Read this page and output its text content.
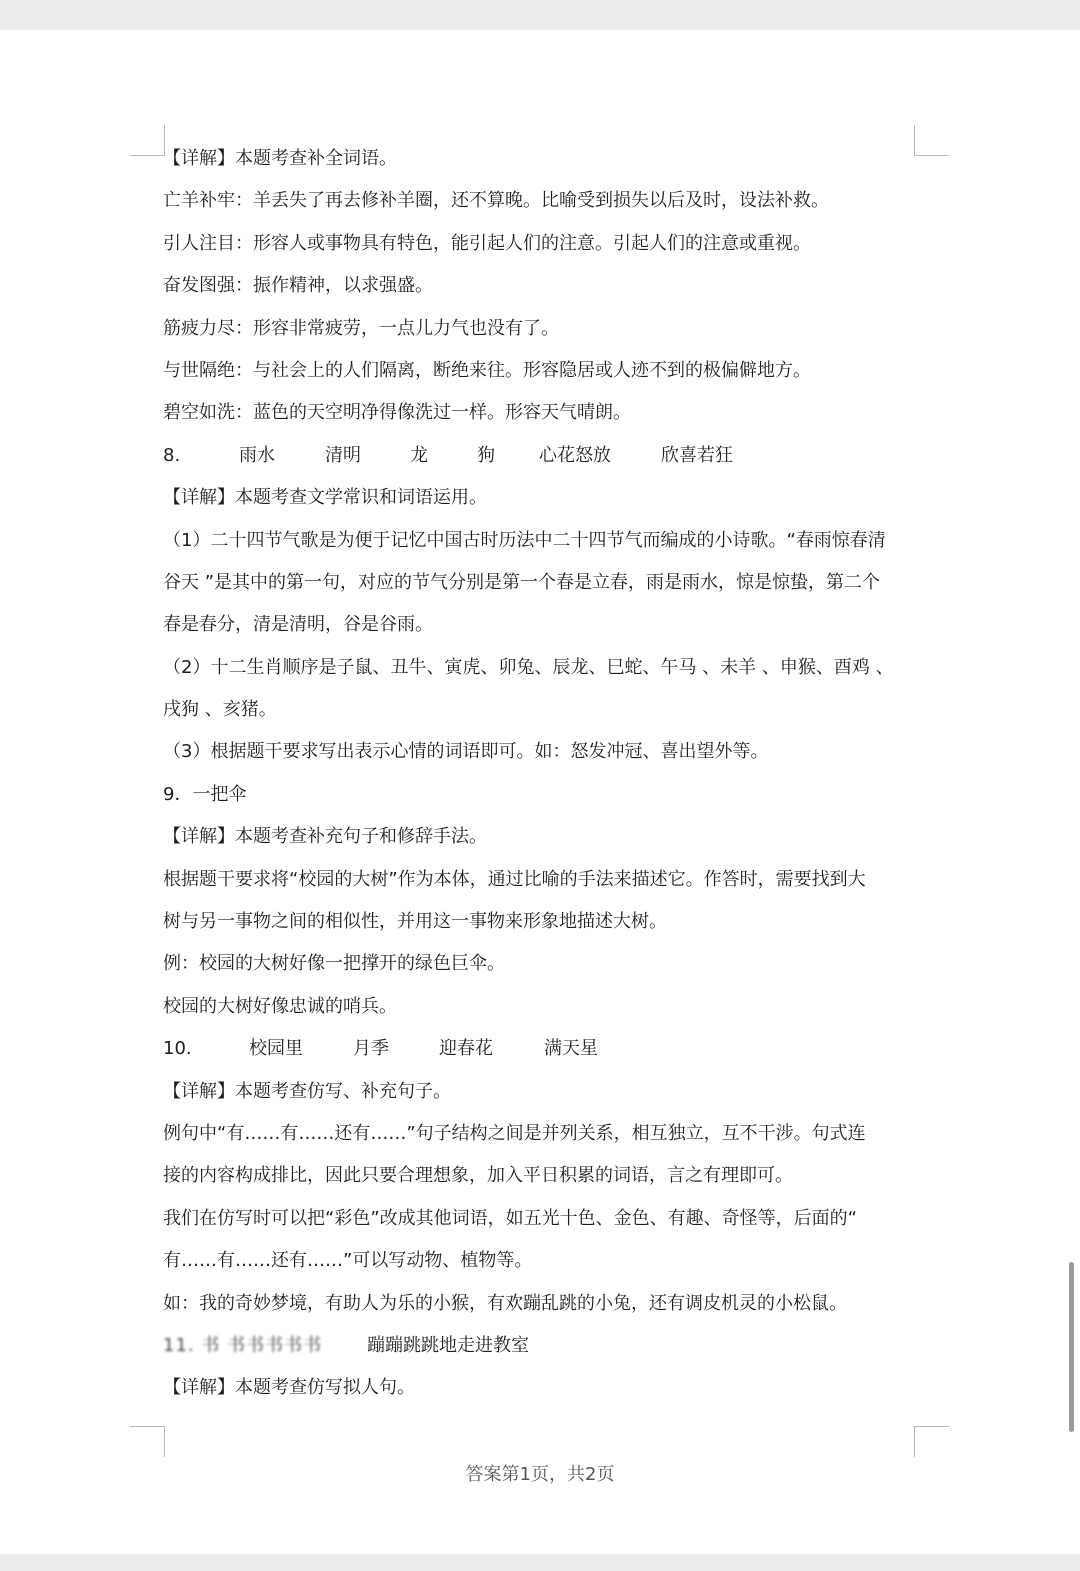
【详解】本题考查补全词语。
亡羊补牢：羊丢失了再去修补羊圈，还不算晚。比喻受到损失以后及时，设法补救。
引人注目：形容人或事物具有特色，能引起人们的注意。引起人们的注意或重视。
奋发图强：振作精神，以求强盛。
筋疲力尽：形容非常疲劳，一点儿力气也没有了。
与世隔绝：与社会上的人们隔离，断绝来往。形容隐居或人迹不到的极偏僻地方。
碧空如洗：蓝色的天空明净得像洗过一样。形容天气晴朗。
8.	雨水	清明	龙	狗 心花怒放	欣喜若狂
【详解】本题考查文学常识和词语运用。
（1）二十四节气歌是为便于记忆中国古时历法中二十四节气而编成的小诗歌。“春雨惊春清
谷天 ”是其中的第一句，对应的节气分别是第一个春是立春，雨是雨水，惊是惊蛰，第二个
春是春分，清是清明，谷是谷雨。
（2）十二生肖顺序是子鼠、丑牛、寅虎、卯兔、辰龙、巳蛇、午马 、未羊 、申猴、酉鸡 、
戌狗 、亥猪。
（3）根据题干要求写出表示心情的词语即可。如：怒发冲冠、喜出望外等。
9．一把伞
【详解】本题考查补充句子和修辞手法。
根据题干要求将“校园的大树”作为本体，通过比喻的手法来描述它。作答时，需要找到大
树与另一事物之间的相似性，并用这一事物来形象地描述大树。
例：校园的大树好像一把撑开的绿色巨伞。
校园的大树好像忠诚的哨兵。
10.	校园里	月季	迎春花	满天星
【详解】本题考查仿写、补充句子。
例句中“有……有……还有……”句子结构之间是并列关系，相互独立，互不干涉。句式连
接的内容构成排比，因此只要合理想象，加入平日积累的词语，言之有理即可。
我们在仿写时可以把“彩色”改成其他词语，如五光十色、金色、有趣、奇怪等，后面的“
有……有……还有……”可以写动物、植物等。
如：我的奇妙梦境，有助人为乐的小猴，有欢蹦乱跳的小兔，还有调皮机灵的小松鼠。
11. 书 书书书书书 蹦蹦跳跳地走进教室
【详解】本题考查仿写拟人句。
答案第1页，共2页
